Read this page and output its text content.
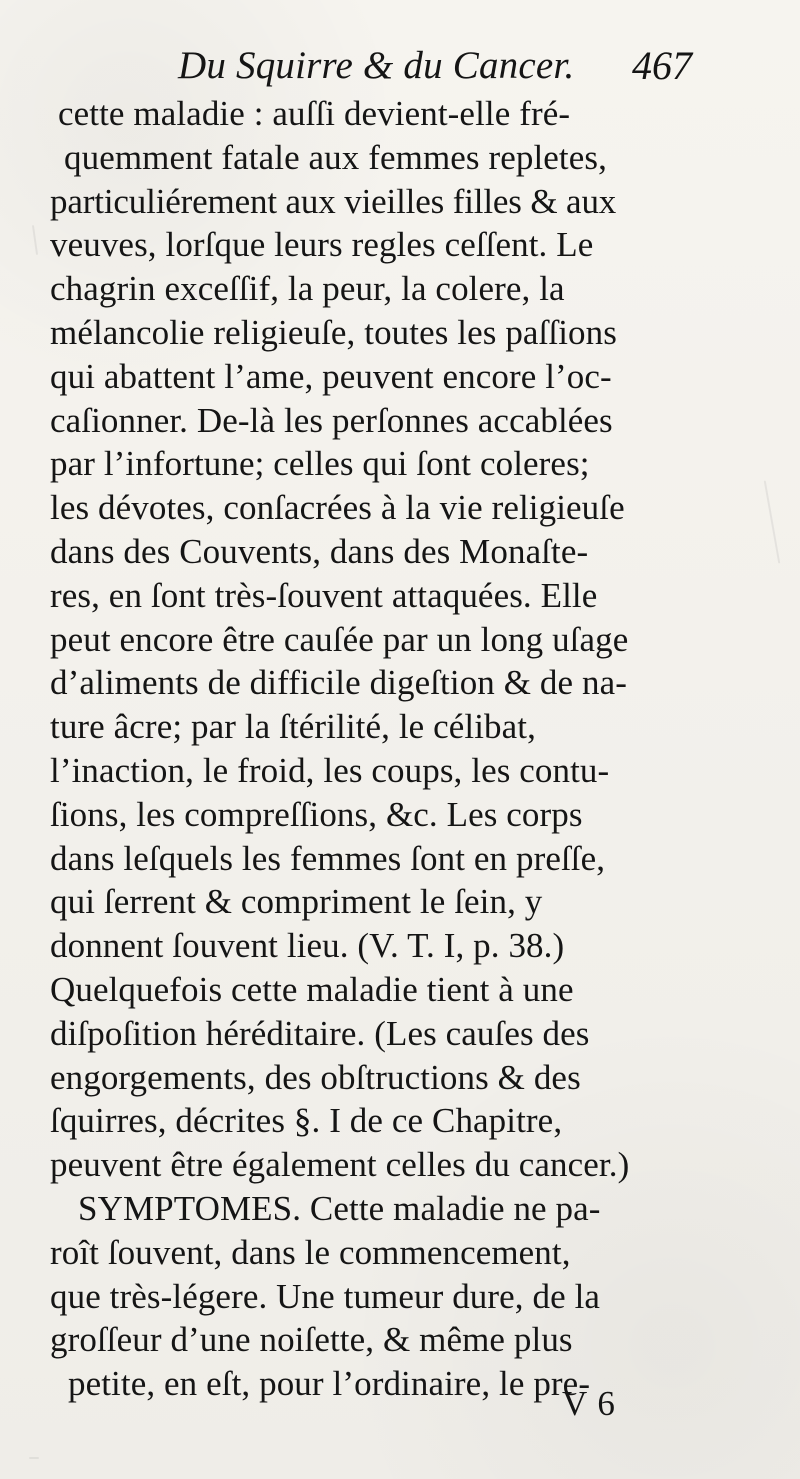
Du Squirre & du Cancer. 467
cette maladie : auſſi devient-elle fré-
quemment fatale aux femmes repletes,
particuliérement aux vieilles filles & aux
veuves, lorſque leurs regles ceſſent. Le
chagrin exceſſif, la peur, la colere, la
mélancolie religieuſe, toutes les paſſions
qui abattent l’ame, peuvent encore l’oc-
caſionner. De-là les perſonnes accablées
par l’infortune; celles qui ſont coleres;
les dévotes, conſacrées à la vie religieuſe
dans des Couvents, dans des Monaſte-
res, en ſont très-ſouvent attaquées. Elle
peut encore être cauſée par un long uſage
d’aliments de difficile digeſtion & de na-
ture âcre; par la ſtérilité, le célibat,
l’inaction, le froid, les coups, les contu-
ſions, les compreſſions, &c. Les corps
dans leſquels les femmes ſont en preſſe,
qui ſerrent & compriment le ſein, y
donnent ſouvent lieu. (V. T. I, p. 38.)
Quelquefois cette maladie tient à une
diſpoſition héréditaire. (Les cauſes des
engorgements, des obſtructions & des
ſquirres, décrites §. I de ce Chapitre,
peuvent être également celles du cancer.)
SYMPTOMES. Cette maladie ne pa-
roît ſouvent, dans le commencement,
que très-légere. Une tumeur dure, de la
groſſeur d’une noiſette, & même plus
petite, en eſt, pour l’ordinaire, le pre-
V 6
